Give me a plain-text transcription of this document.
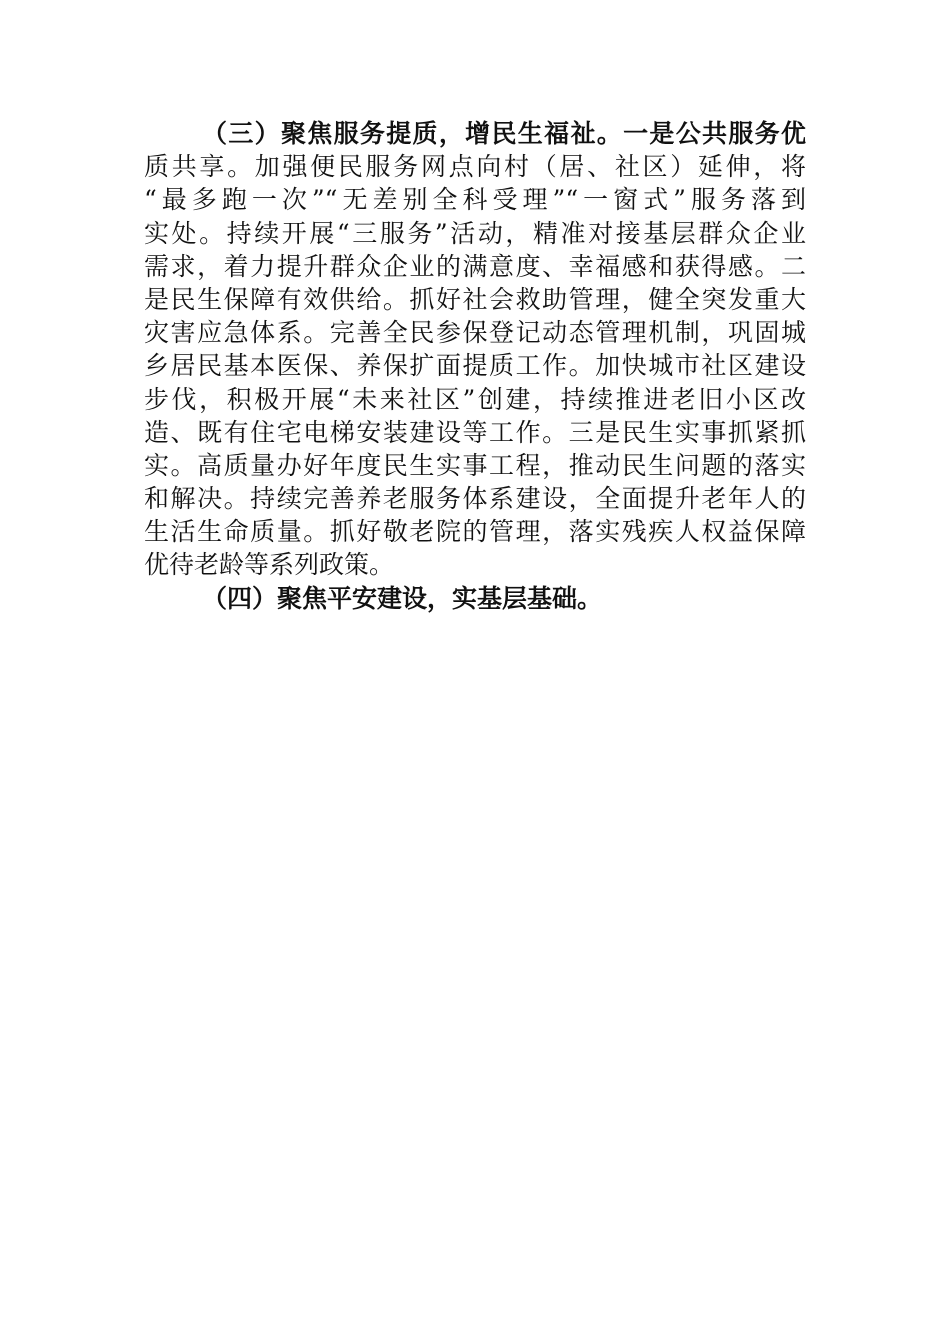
（三）聚焦服务提质，增民生福祉。一是公共服务优
质共享。加强便民服务网点向村（居、社区）延伸，将
“最多跑一次”“无差别全科受理”“一窗式”服务落到
实处。持续开展“三服务”活动，精准对接基层群众企业
需求，着力提升群众企业的满意度、幸福感和获得感。二
是民生保障有效供给。抓好社会救助管理，健全突发重大
灾害应急体系。完善全民参保登记动态管理机制，巩固城
乡居民基本医保、养保扩面提质工作。加快城市社区建设
步伐，积极开展“未来社区”创建，持续推进老旧小区改
造、既有住宅电梯安装建设等工作。三是民生实事抓紧抓
实。高质量办好年度民生实事工程，推动民生问题的落实
和解决。持续完善养老服务体系建设，全面提升老年人的
生活生命质量。抓好敬老院的管理，落实残疾人权益保障
优待老龄等系列政策。
（四）聚焦平安建设，实基层基础。
